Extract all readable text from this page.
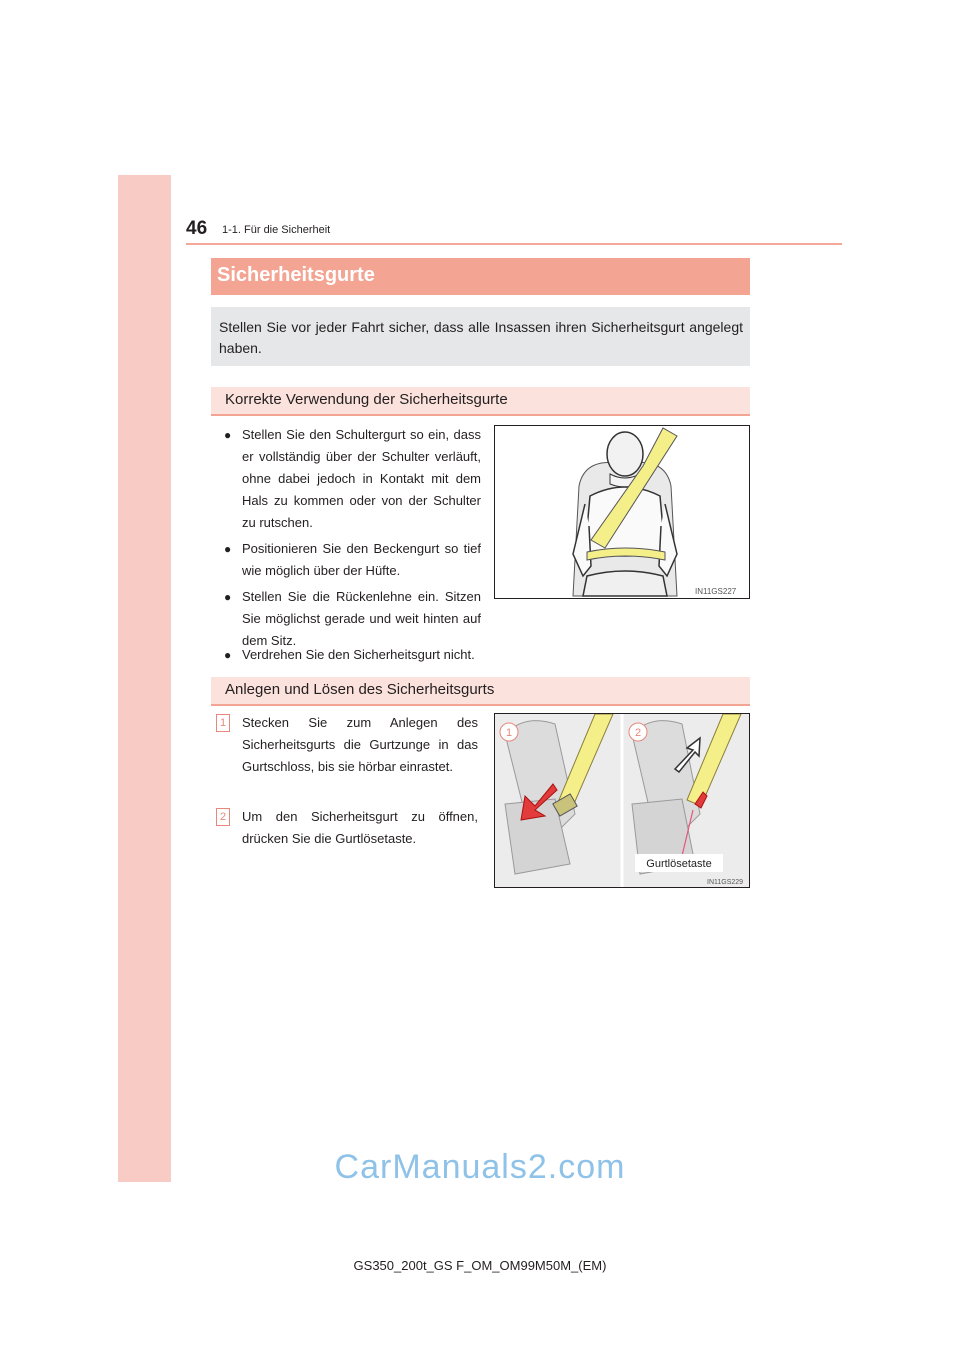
46 1-1. Für die Sicherheit
Sicherheitsgurte

Stellen Sie vor jeder Fahrt sicher, dass alle Insassen ihren Sicherheitsgurt angelegt haben.

Korrekte Verwendung der Sicherheitsgurte
● Stellen Sie den Schultergurt so ein, dass er vollständig über der Schulter verläuft, ohne dabei jedoch in Kontakt mit dem Hals zu kommen oder von der Schulter zu rutschen.
● Positionieren Sie den Beckengurt so tief wie möglich über der Hüfte.
● Stellen Sie die Rückenlehne ein. Sitzen Sie möglichst gerade und weit hinten auf dem Sitz.
● Verdrehen Sie den Sicherheitsgurt nicht.
IN11GS227
Anlegen und Lösen des Sicherheitsgurts
1	Stecken Sie zum Anlegen des Sicherheitsgurts die Gurtzunge in das Gurtschloss, bis sie hörbar einrastet.
2	Um den Sicherheitsgurt zu öffnen, drücken Sie die Gurtlösetaste.
1	2
Gurtlösetaste
IN11GS229
CarManuals2.com
GS350_200t_GS F_OM_OM99M50M_(EM)
